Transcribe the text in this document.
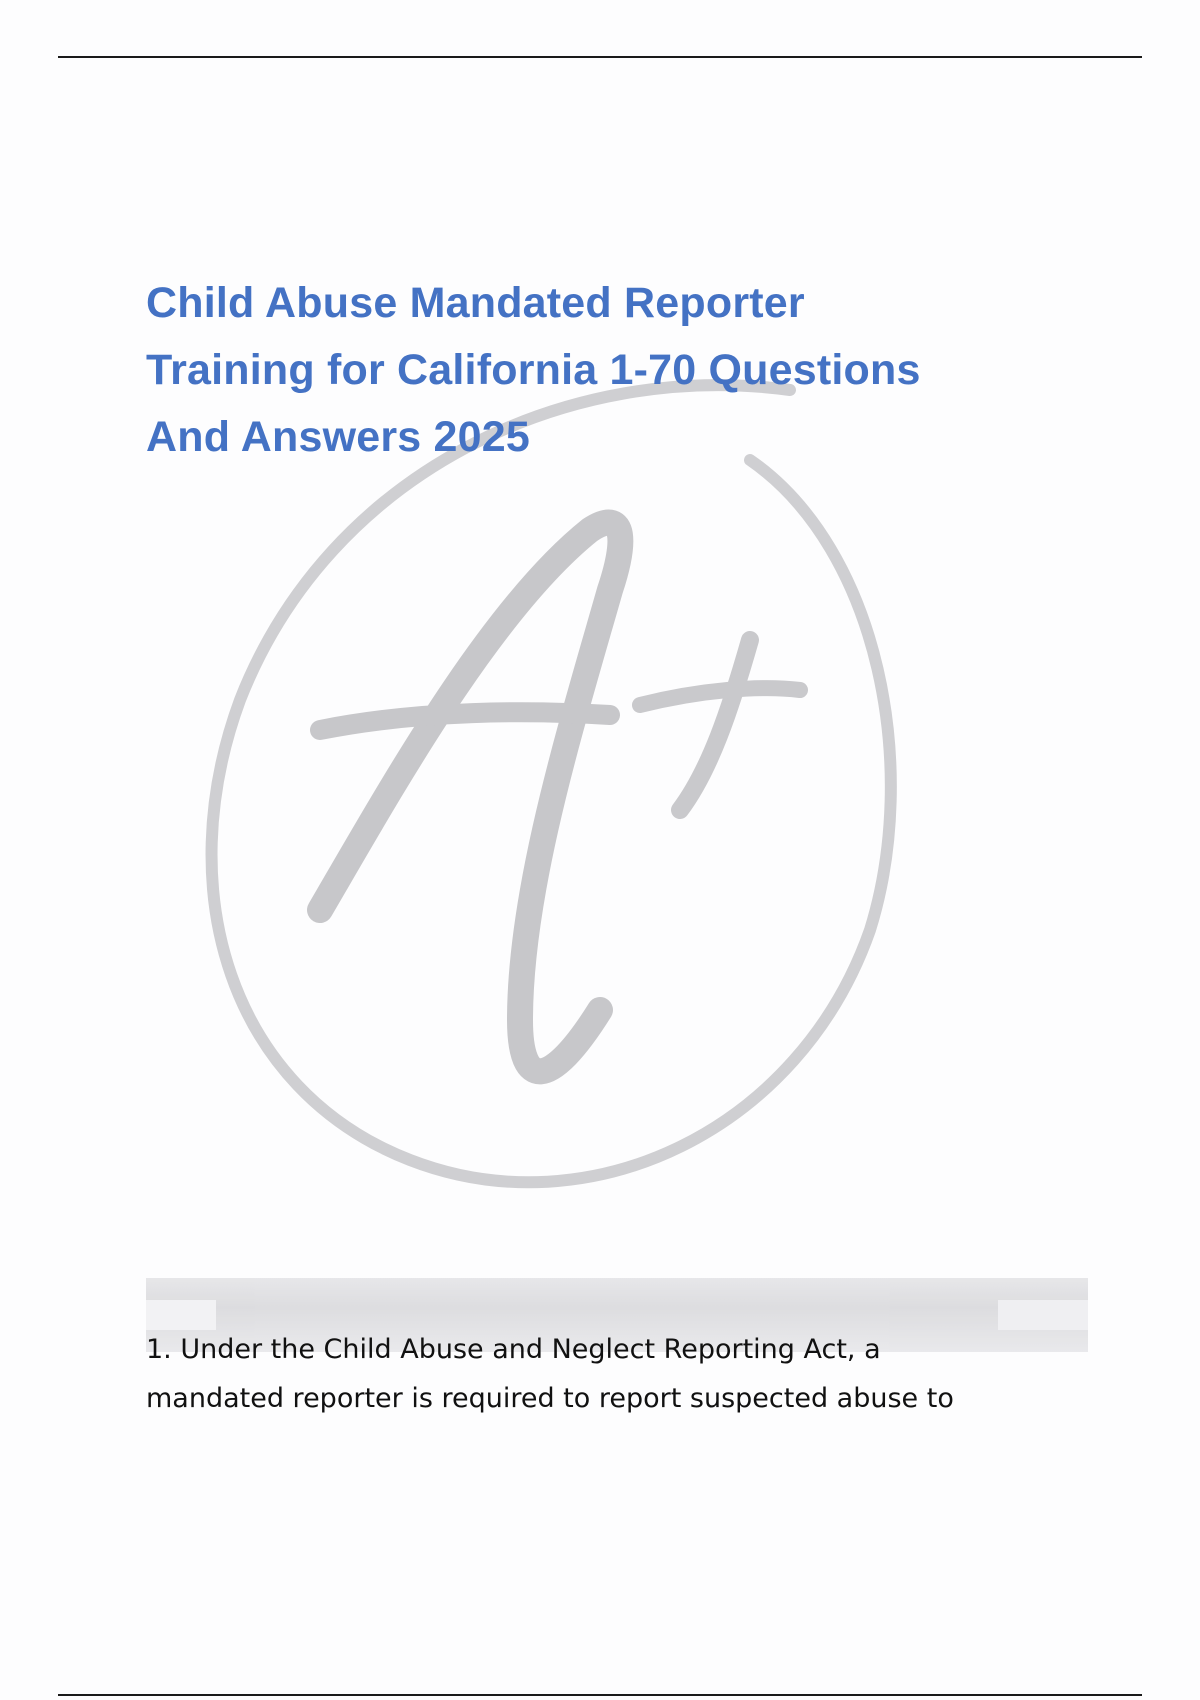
Child Abuse Mandated Reporter
Training for California 1-70 Questions
And Answers 2025

1. Under the Child Abuse and Neglect Reporting Act, a
mandated reporter is required to report suspected abuse to
